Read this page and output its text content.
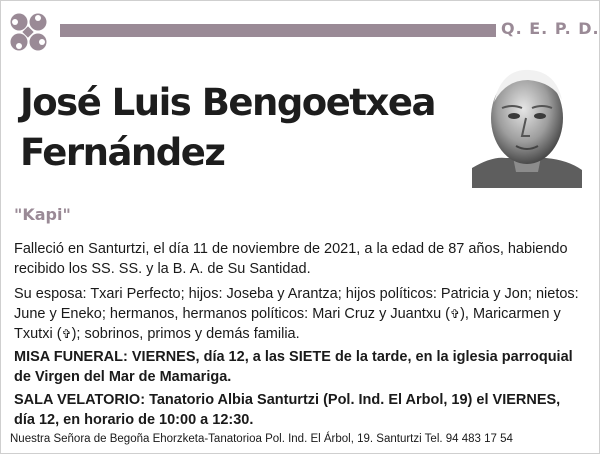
Q. E. P. D.
José Luis Bengoetxea
Fernández
"Kapi"
Falleció en Santurtzi, el día 11 de noviembre de 2021, a la edad de 87 años, habiendo recibido los SS. SS. y la B. A. de Su Santidad.
Su esposa: Txari Perfecto; hijos: Joseba y Arantza; hijos políticos: Patricia y Jon; nietos: June y Eneko; hermanos, hermanos políticos: Mari Cruz y Juantxu (✞), Maricarmen y Txutxi (✞); sobrinos, primos y demás familia.
MISA FUNERAL: VIERNES, día 12, a las SIETE de la tarde, en la iglesia parroquial de Virgen del Mar de Mamariga.
SALA VELATORIO: Tanatorio Albia Santurtzi (Pol. Ind. El Arbol, 19) el VIERNES, día 12, en horario de 10:00 a 12:30.
Nuestra Señora de Begoña Ehorzketa-Tanatorioa Pol. Ind. El Árbol, 19. Santurtzi Tel. 94 483 17 54
